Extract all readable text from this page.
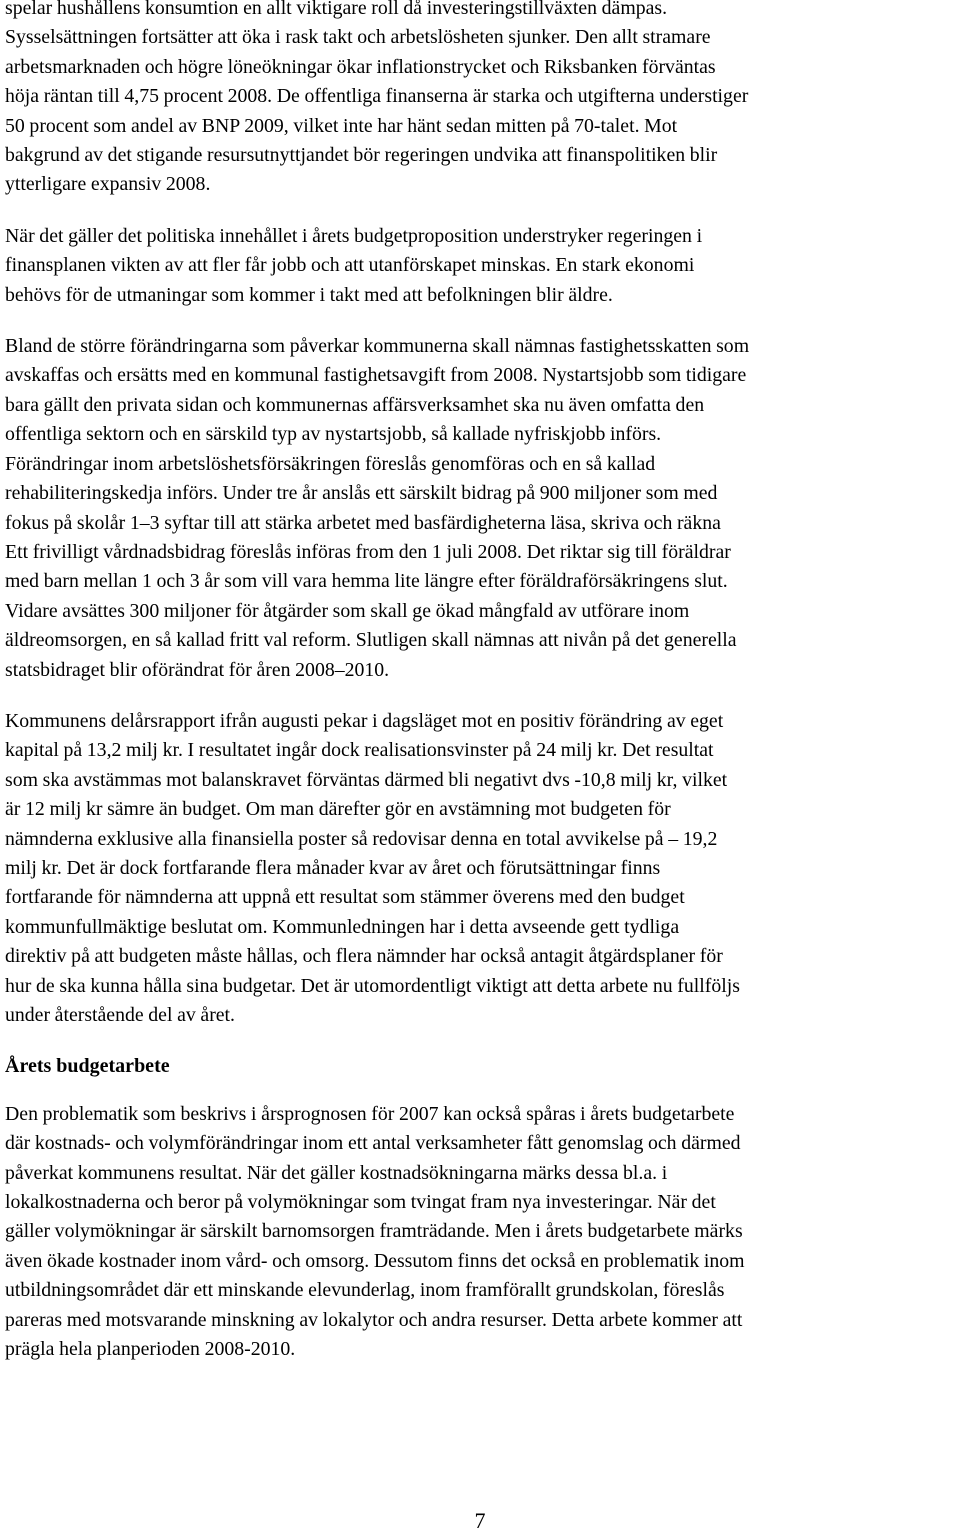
spelar hushållens konsumtion en allt viktigare roll då investeringstillväxten dämpas.
Sysselsättningen fortsätter att öka i rask takt och arbetslösheten sjunker. Den allt stramare
arbetsmarknaden och högre löneökningar ökar inflationstrycket och Riksbanken förväntas
höja räntan till 4,75 procent 2008. De offentliga finanserna är starka och utgifterna understiger
50 procent som andel av BNP 2009, vilket inte har hänt sedan mitten på 70-talet. Mot
bakgrund av det stigande resursutnyttjandet bör regeringen undvika att finanspolitiken blir
ytterligare expansiv 2008.

När det gäller det politiska innehållet i årets budgetproposition understryker regeringen i
finansplanen vikten av att fler får jobb och att utanförskapet minskas. En stark ekonomi
behövs för de utmaningar som kommer i takt med att befolkningen blir äldre.

Bland de större förändringarna som påverkar kommunerna skall nämnas fastighetsskatten som
avskaffas och ersätts med en kommunal fastighetsavgift from 2008. Nystartsjobb som tidigare
bara gällt den privata sidan och kommunernas affärsverksamhet ska nu även omfatta den
offentliga sektorn och en särskild typ av nystartsjobb, så kallade nyfriskjobb införs.
Förändringar inom arbetslöshetsförsäkringen föreslås genomföras och en så kallad
rehabiliteringskedja införs. Under tre år anslås ett särskilt bidrag på 900 miljoner som med
fokus på skolår 1–3 syftar till att stärka arbetet med basfärdigheterna läsa, skriva och räkna
Ett frivilligt vårdnadsbidrag föreslås införas from den 1 juli 2008. Det riktar sig till föräldrar
med barn mellan 1 och 3 år som vill vara hemma lite längre efter föräldraförsäkringens slut.
Vidare avsättes 300 miljoner för åtgärder som skall ge ökad mångfald av utförare inom
äldreomsorgen, en så kallad fritt val reform. Slutligen skall nämnas att nivån på det generella
statsbidraget blir oförändrat för åren 2008–2010.

Kommunens delårsrapport ifrån augusti pekar i dagsläget mot en positiv förändring av eget
kapital på 13,2 milj kr. I resultatet ingår dock realisationsvinster på 24 milj kr. Det resultat
som ska avstämmas mot balanskravet förväntas därmed bli negativt dvs -10,8 milj kr, vilket
är 12 milj kr sämre än budget. Om man därefter gör en avstämning mot budgeten för
nämnderna exklusive alla finansiella poster så redovisar denna en total avvikelse på – 19,2
milj kr. Det är dock fortfarande flera månader kvar av året och förutsättningar finns
fortfarande för nämnderna att uppnå ett resultat som stämmer överens med den budget
kommunfullmäktige beslutat om. Kommunledningen har i detta avseende gett tydliga
direktiv på att budgeten måste hållas, och flera nämnder har också antagit åtgärdsplaner för
hur de ska kunna hålla sina budgetar. Det är utomordentligt viktigt att detta arbete nu fullföljs
under återstående del av året.

Årets budgetarbete

Den problematik som beskrivs i årsprognosen för 2007 kan också spåras i årets budgetarbete
där kostnads- och volymförändringar inom ett antal verksamheter fått genomslag och därmed
påverkat kommunens resultat. När det gäller kostnadsökningarna märks dessa bl.a. i
lokalkostnaderna och beror på volymökningar som tvingat fram nya investeringar. När det
gäller volymökningar är särskilt barnomsorgen framträdande. Men i årets budgetarbete märks
även ökade kostnader inom vård- och omsorg. Dessutom finns det också en problematik inom
utbildningsområdet där ett minskande elevunderlag, inom framförallt grundskolan, föreslås
pareras med motsvarande minskning av lokalytor och andra resurser. Detta arbete kommer att
prägla hela planperioden 2008-2010.

7
